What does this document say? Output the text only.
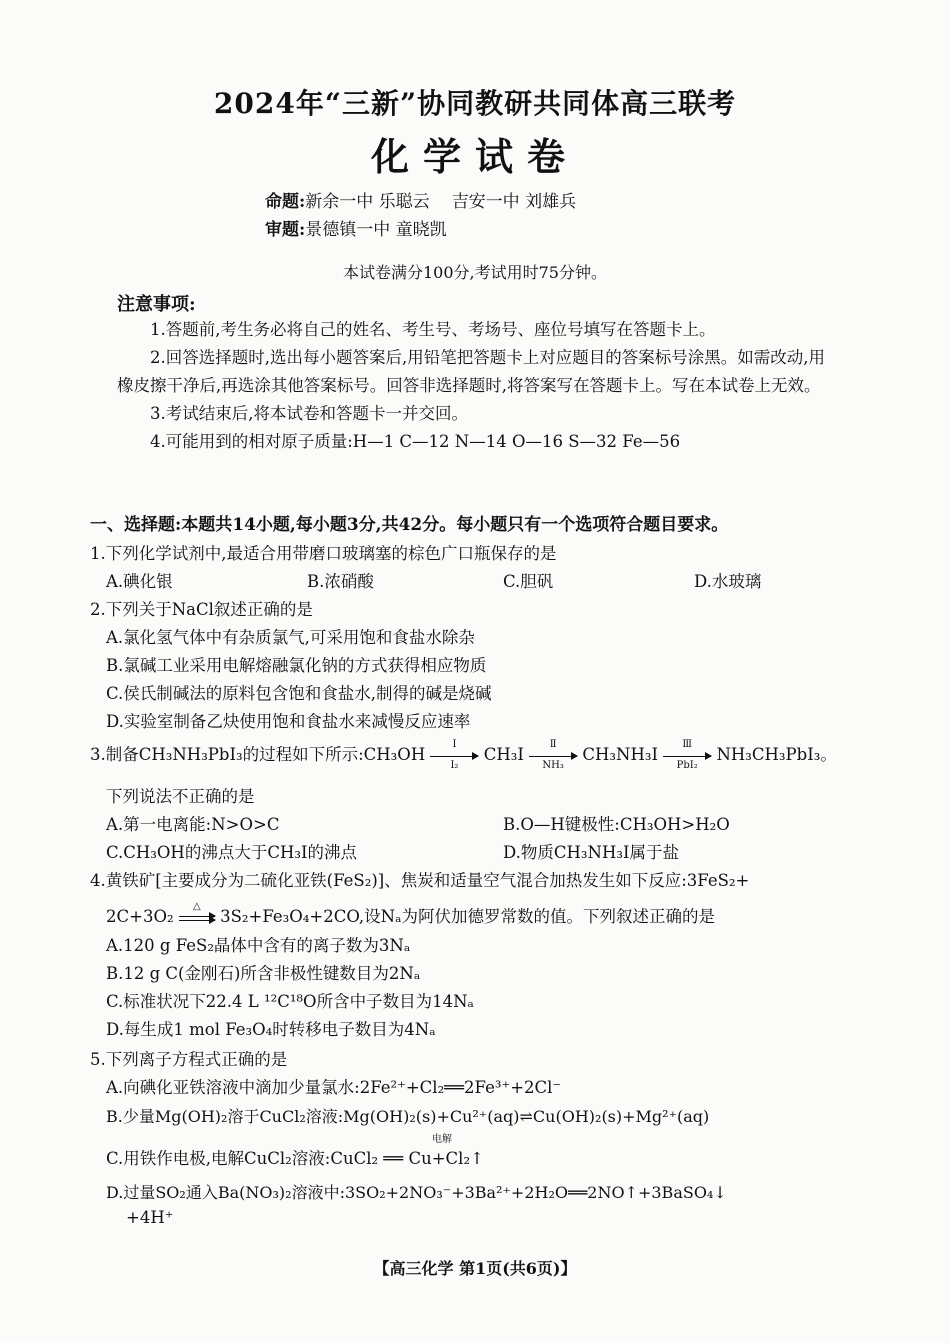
2024年“三新”协同教研共同体高三联考
化学试卷
命题:新余一中 乐聪云 吉安一中 刘雄兵
审题:景德镇一中 童晓凯
本试卷满分100分,考试用时75分钟。
注意事项:

1.答题前,考生务必将自己的姓名、考生号、考场号、座位号填写在答题卡上。

2.回答选择题时,选出每小题答案后,用铅笔把答题卡上对应题目的答案标号涂黑。如需改动,用橡皮擦干净后,再选涂其他答案标号。回答非选择题时,将答案写在答题卡上。写在本试卷上无效。

3.考试结束后,将本试卷和答题卡一并交回。

4.可能用到的相对原子质量:H—1 C—12 N—14 O—16 S—32 Fe—56

一、选择题:本题共14小题,每小题3分,共42分。每小题只有一个选项符合题目要求。
1.下列化学试剂中,最适合用带磨口玻璃塞的棕色广口瓶保存的是
A.碘化银	B.浓硝酸	C.胆矾	D.水玻璃
2.下列关于NaCl叙述正确的是
A.氯化氢气体中有杂质氯气,可采用饱和食盐水除杂
B.氯碱工业采用电解熔融氯化钠的方式获得相应物质
C.侯氏制碱法的原料包含饱和食盐水,制得的碱是烧碱
D.实验室制备乙炔使用饱和食盐水来减慢反应速率
3.制备CH₃NH₃PbI₃的过程如下所示:CH₃OH
Ⅰ
I₂
CH₃I
Ⅱ
NH₃
CH₃NH₃I
Ⅲ
PbI₂
NH₃CH₃PbI₃。
下列说法不正确的是
A.第一电离能:N>O>C	B.O—H键极性:CH₃OH>H₂O
C.CH₃OH的沸点大于CH₃I的沸点	D.物质CH₃NH₃I属于盐
4.黄铁矿[主要成分为二硫化亚铁(FeS₂)]、焦炭和适量空气混合加热发生如下反应:3FeS₂+
2C+3O₂
△
3S₂+Fe₃O₄+2CO,设Nₐ为阿伏加德罗常数的值。下列叙述正确的是
A.120 g FeS₂晶体中含有的离子数为3Nₐ
B.12 g C(金刚石)所含非极性键数目为2Nₐ
C.标准状况下22.4 L ¹²C¹⁸O所含中子数目为14Nₐ
D.每生成1 mol Fe₃O₄时转移电子数目为4Nₐ
5.下列离子方程式正确的是
A.向碘化亚铁溶液中滴加少量氯水:2Fe²⁺+Cl₂══2Fe³⁺+2Cl⁻
B.少量Mg(OH)₂溶于CuCl₂溶液:Mg(OH)₂(s)+Cu²⁺(aq)⇌Cu(OH)₂(s)+Mg²⁺(aq)
C.用铁作电极,电解CuCl₂溶液:CuCl₂ ══ Cu+Cl₂↑
电解
D.过量SO₂通入Ba(NO₃)₂溶液中:3SO₂+2NO₃⁻+3Ba²⁺+2H₂O══2NO↑+3BaSO₄↓
+4H⁺
【高三化学 第1页(共6页)】
